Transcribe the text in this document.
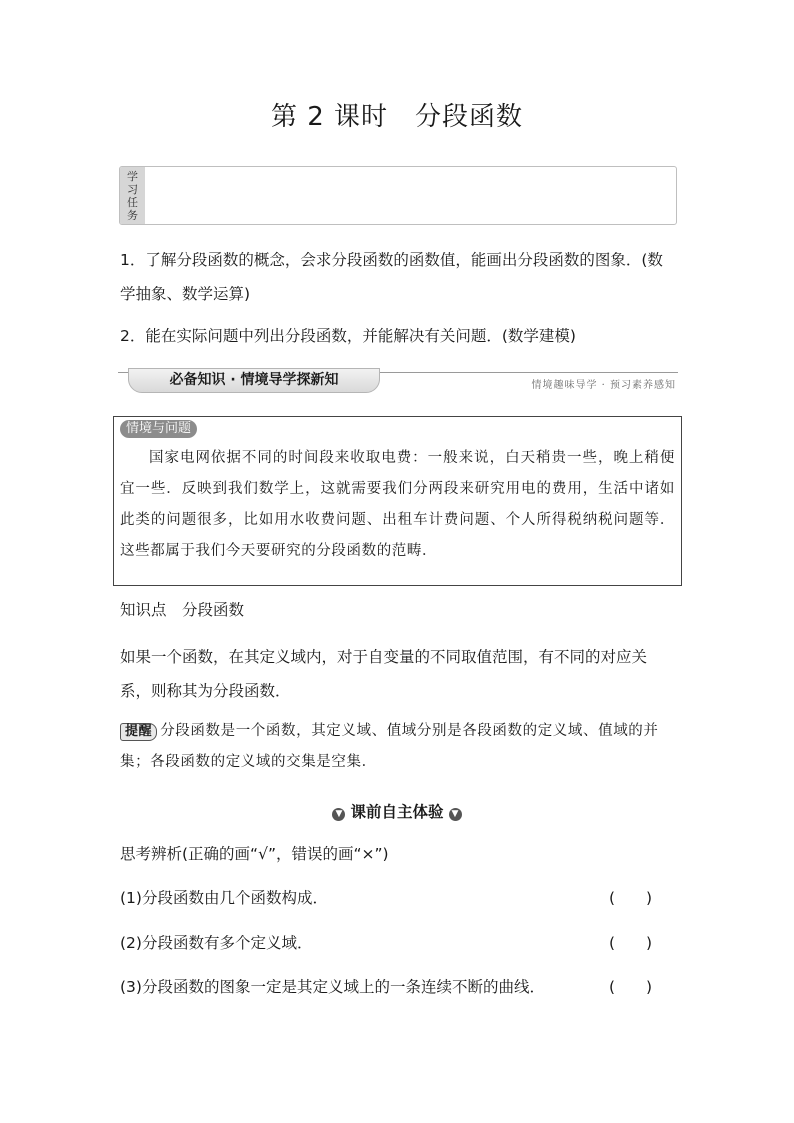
第 2 课时　分段函数
学
习
任
务
1．了解分段函数的概念，会求分段函数的函数值，能画出分段函数的图象．(数学抽象、数学运算)
2．能在实际问题中列出分段函数，并能解决有关问题．(数学建模)
必备知识 · 情境导学探新知	情境趣味导学 · 预习素养感知
情境与问题
国家电网依据不同的时间段来收取电费：一般来说，白天稍贵一些，晚上稍便宜一些．反映到我们数学上，这就需要我们分两段来研究用电的费用，生活中诸如此类的问题很多，比如用水收费问题、出租车计费问题、个人所得税纳税问题等．这些都属于我们今天要研究的分段函数的范畴．
知识点　分段函数
如果一个函数，在其定义域内，对于自变量的不同取值范围，有不同的对应关系，则称其为分段函数．
提醒 分段函数是一个函数，其定义域、值域分别是各段函数的定义域、值域的并集；各段函数的定义域的交集是空集．
▼ 课前自主体验 ▼
思考辨析(正确的画“√”，错误的画“×”)
(1)分段函数由几个函数构成．	(　　)
(2)分段函数有多个定义域．	(　　)
(3)分段函数的图象一定是其定义域上的一条连续不断的曲线．	(　　)
